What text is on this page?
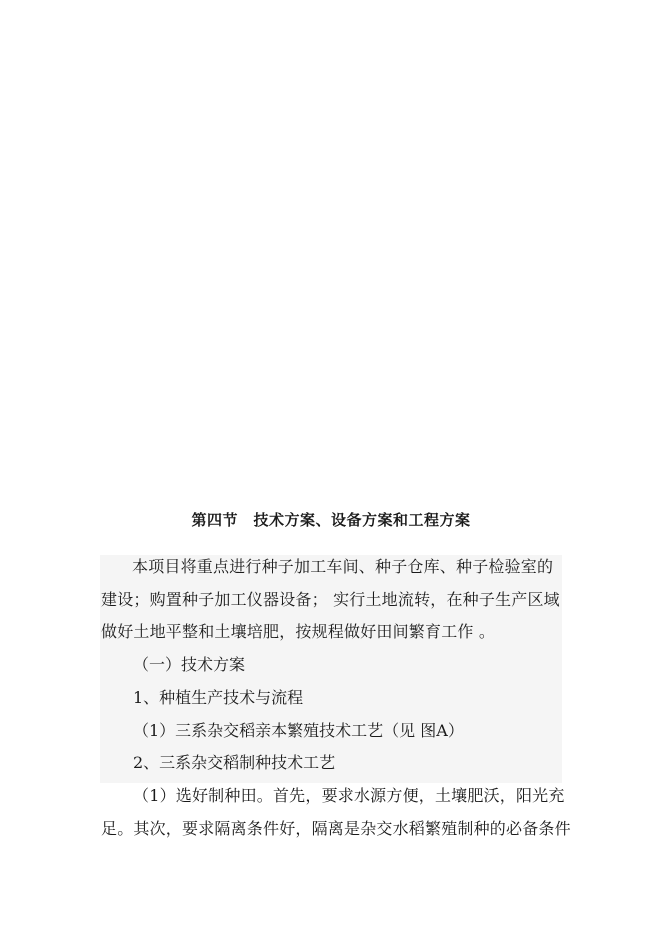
第四节　技术方案、设备方案和工程方案
本项目将重点进行种子加工车间、种子仓库、种子检验室的
建设；购置种子加工仪器设备； 实行土地流转，在种子生产区域
做好土地平整和土壤培肥，按规程做好田间繁育工作 。
（一）技术方案
1、种植生产技术与流程
（1）三系杂交稻亲本繁殖技术工艺（见 图A）
2、三系杂交稻制种技术工艺
（1）选好制种田。首先，要求水源方便，土壤肥沃，阳光充
足。其次，要求隔离条件好，隔离是杂交水稻繁殖制种的必备条件
